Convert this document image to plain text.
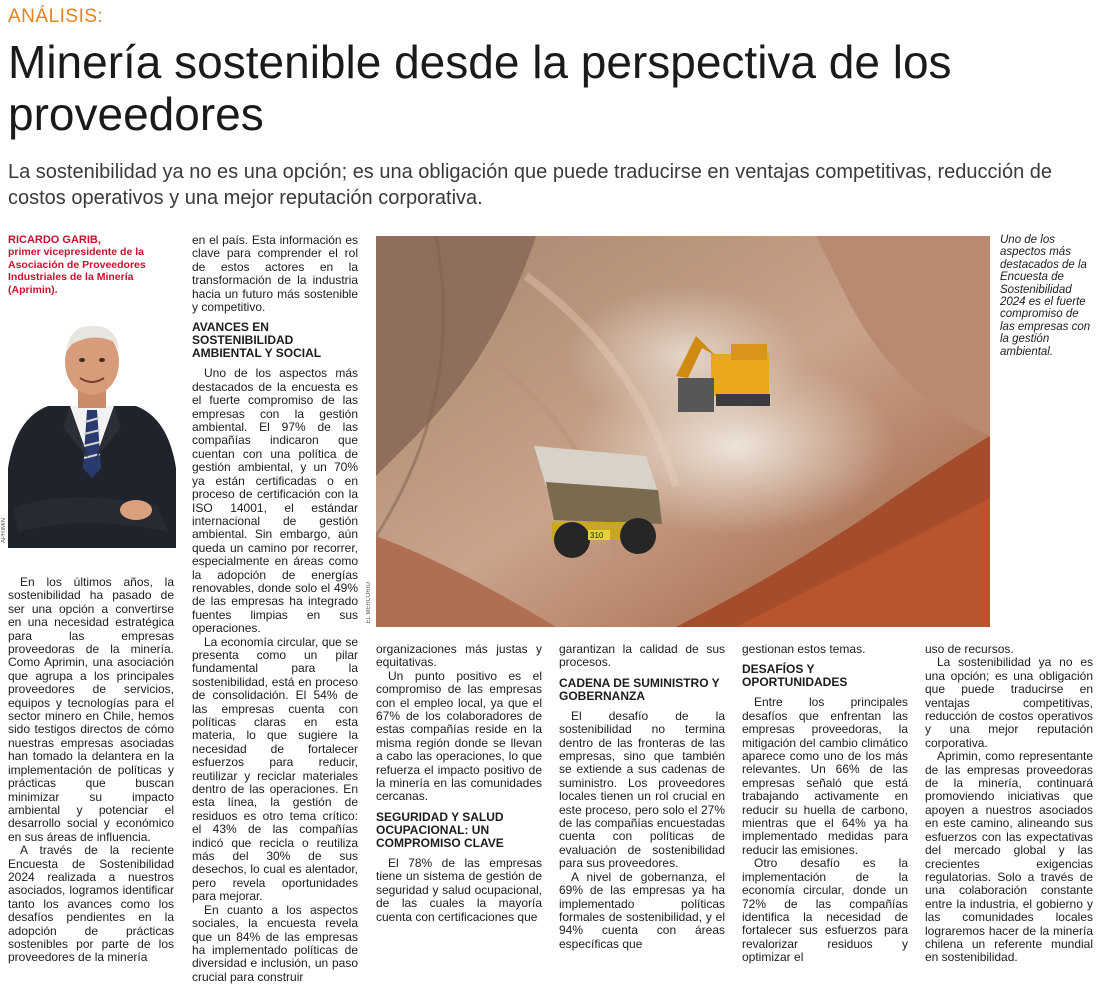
ANÁLISIS:
Minería sostenible desde la perspectiva de los proveedores
La sostenibilidad ya no es una opción; es una obligación que puede traducirse en ventajas competitivas, reducción de costos operativos y una mejor reputación corporativa.
RICARDO GARIB,
primer vicepresidente de la Asociación de Proveedores Industriales de la Minería (Aprimin).
APRIMIN

En los últimos años, la sostenibilidad ha pasado de ser una opción a convertirse en una necesidad estratégica para las empresas proveedoras de la minería. Como Aprimin, una asociación que agrupa a los principales proveedores de servicios, equipos y tecnologías para el sector minero en Chile, hemos sido testigos directos de cómo nuestras empresas asociadas han tomado la delantera en la implementación de políticas y prácticas que buscan minimizar su impacto ambiental y potenciar el desarrollo social y económico en sus áreas de influencia.

A través de la reciente Encuesta de Sostenibilidad 2024 realizada a nuestros asociados, logramos identificar tanto los avances como los desafíos pendientes en la adopción de prácticas sostenibles por parte de los proveedores de la minería

en el país. Esta información es clave para comprender el rol de estos actores en la transformación de la industria hacia un futuro más sostenible y competitivo.

AVANCES EN SOSTENIBILIDAD AMBIENTAL Y SOCIAL

Uno de los aspectos más destacados de la encuesta es el fuerte compromiso de las empresas con la gestión ambiental. El 97% de las compañías indicaron que cuentan con una política de gestión ambiental, y un 70% ya están certificadas o en proceso de certificación con la ISO 14001, el estándar internacional de gestión ambiental. Sin embargo, aún queda un camino por recorrer, especialmente en áreas como la adopción de energías renovables, donde solo el 49% de las empresas ha integrado fuentes limpias en sus operaciones.

La economía circular, que se presenta como un pilar fundamental para la sostenibilidad, está en proceso de consolidación. El 54% de las empresas cuenta con políticas claras en esta materia, lo que sugiere la necesidad de fortalecer esfuerzos para reducir, reutilizar y reciclar materiales dentro de las operaciones. En esta línea, la gestión de residuos es otro tema crítico: el 43% de las compañías indicó que recicla o reutiliza más del 30% de sus desechos, lo cual es alentador, pero revela oportunidades para mejorar.

En cuanto a los aspectos sociales, la encuesta revela que un 84% de las empresas ha implementado políticas de diversidad e inclusión, un paso crucial para construir

310
EL MERCURIO
Uno de los aspectos más destacados de la Encuesta de Sostenibilidad 2024 es el fuerte compromiso de las empresas con la gestión ambiental.

organizaciones más justas y equitativas.

Un punto positivo es el compromiso de las empresas con el empleo local, ya que el 67% de los colaboradores de estas compañías reside en la misma región donde se llevan a cabo las operaciones, lo que refuerza el impacto positivo de la minería en las comunidades cercanas.

SEGURIDAD Y SALUD OCUPACIONAL: UN COMPROMISO CLAVE

El 78% de las empresas tiene un sistema de gestión de seguridad y salud ocupacional, de las cuales la mayoría cuenta con certificaciones que

garantizan la calidad de sus procesos.

CADENA DE SUMINISTRO Y GOBERNANZA

El desafío de la sostenibilidad no termina dentro de las fronteras de las empresas, sino que también se extiende a sus cadenas de suministro. Los proveedores locales tienen un rol crucial en este proceso, pero solo el 27% de las compañías encuestadas cuenta con políticas de evaluación de sostenibilidad para sus proveedores.

A nivel de gobernanza, el 69% de las empresas ya ha implementado políticas formales de sostenibilidad, y el 94% cuenta con áreas específicas que

gestionan estos temas.

DESAFÍOS Y OPORTUNIDADES

Entre los principales desafíos que enfrentan las empresas proveedoras, la mitigación del cambio climático aparece como uno de los más relevantes. Un 66% de las empresas señaló que está trabajando activamente en reducir su huella de carbono, mientras que el 64% ya ha implementado medidas para reducir las emisiones.

Otro desafío es la implementación de la economía circular, donde un 72% de las compañías identifica la necesidad de fortalecer sus esfuerzos para revalorizar residuos y optimizar el

uso de recursos.

La sostenibilidad ya no es una opción; es una obligación que puede traducirse en ventajas competitivas, reducción de costos operativos y una mejor reputación corporativa.

Aprimin, como representante de las empresas proveedoras de la minería, continuará promoviendo iniciativas que apoyen a nuestros asociados en este camino, alineando sus esfuerzos con las expectativas del mercado global y las crecientes exigencias regulatorias. Solo a través de una colaboración constante entre la industria, el gobierno y las comunidades locales lograremos hacer de la minería chilena un referente mundial en sostenibilidad.
